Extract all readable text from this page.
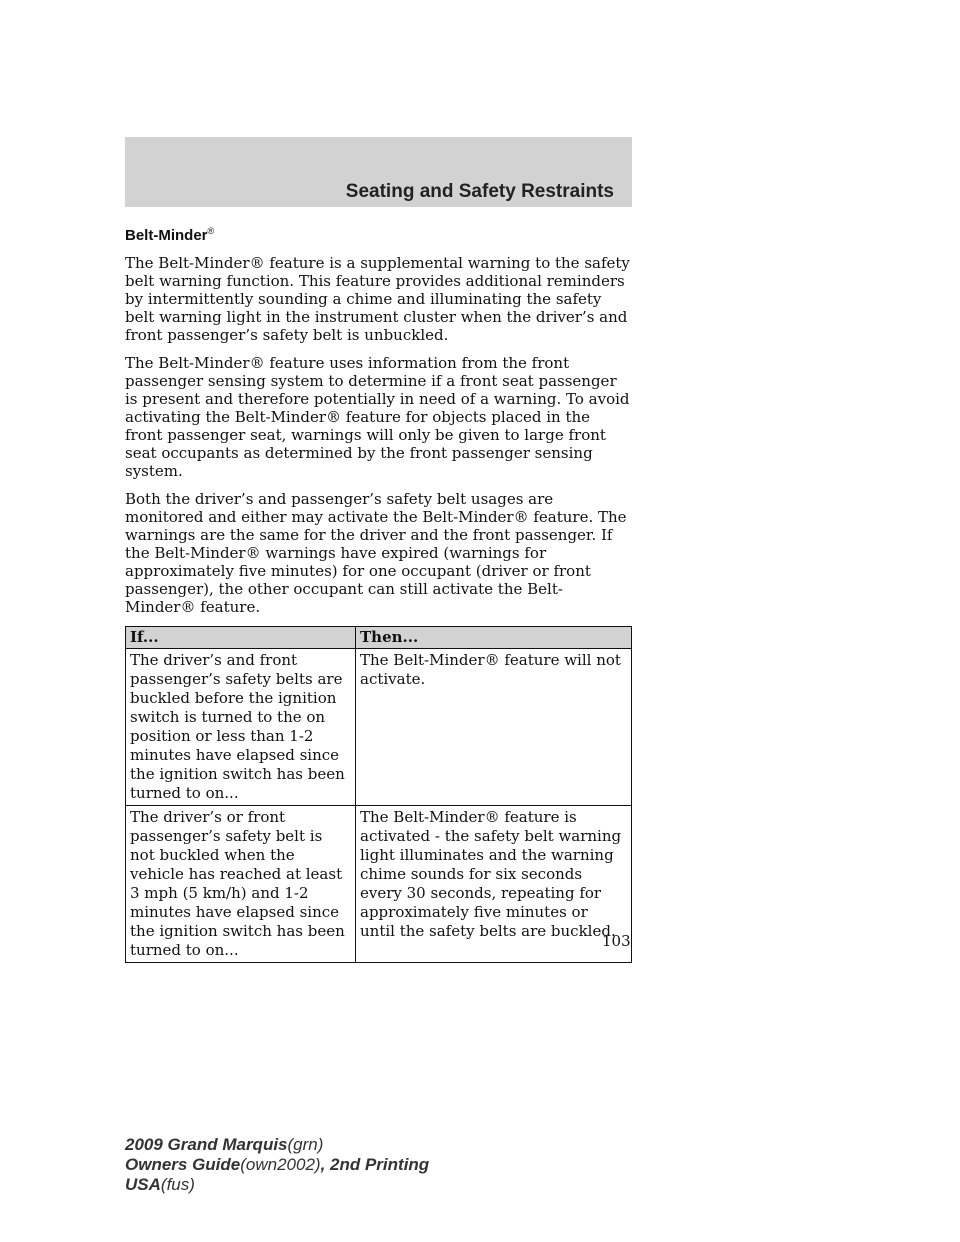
Seating and Safety Restraints
Belt-Minder®

The Belt-Minder® feature is a supplemental warning to the safety belt warning function. This feature provides additional reminders by intermittently sounding a chime and illuminating the safety belt warning light in the instrument cluster when the driver’s and front passenger’s safety belt is unbuckled.

The Belt-Minder® feature uses information from the front passenger sensing system to determine if a front seat passenger is present and therefore potentially in need of a warning. To avoid activating the Belt-Minder® feature for objects placed in the front passenger seat, warnings will only be given to large front seat occupants as determined by the front passenger sensing system.

Both the driver’s and passenger’s safety belt usages are monitored and either may activate the Belt-Minder® feature. The warnings are the same for the driver and the front passenger. If the Belt-Minder® warnings have expired (warnings for approximately five minutes) for one occupant (driver or front passenger), the other occupant can still activate the Belt-Minder® feature.

If...	Then...
The driver’s and front passenger’s safety belts are buckled before the ignition switch is turned to the on position or less than 1-2 minutes have elapsed since the ignition switch has been turned to on...	The Belt-Minder® feature will not activate.
The driver’s or front passenger’s safety belt is not buckled when the vehicle has reached at least 3 mph (5 km/h) and 1-2 minutes have elapsed since the ignition switch has been turned to on...	The Belt-Minder® feature is activated - the safety belt warning light illuminates and the warning chime sounds for six seconds every 30 seconds, repeating for approximately five minutes or until the safety belts are buckled.
103
2009 Grand Marquis(grn)
Owners Guide(own2002), 2nd Printing
USA(fus)
